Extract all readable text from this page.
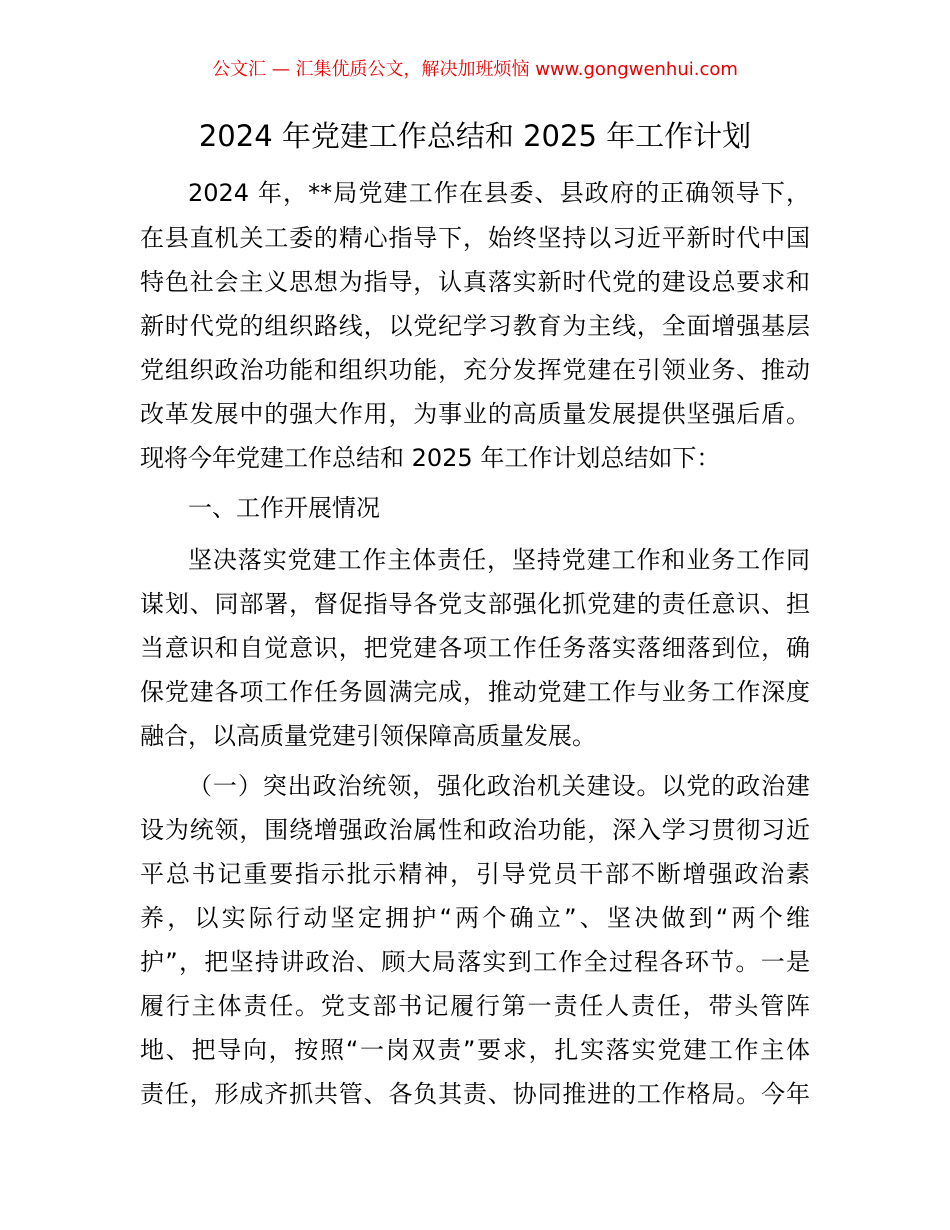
公文汇 — 汇集优质公文，解决加班烦恼 www.gongwenhui.com
2024 年党建工作总结和 2025 年工作计划
2024 年，**局党建工作在县委、县政府的正确领导下，
在县直机关工委的精心指导下，始终坚持以习近平新时代中国
特色社会主义思想为指导，认真落实新时代党的建设总要求和
新时代党的组织路线，以党纪学习教育为主线，全面增强基层
党组织政治功能和组织功能，充分发挥党建在引领业务、推动
改革发展中的强大作用，为事业的高质量发展提供坚强后盾。
现将今年党建工作总结和 2025 年工作计划总结如下：
一、工作开展情况
坚决落实党建工作主体责任，坚持党建工作和业务工作同
谋划、同部署，督促指导各党支部强化抓党建的责任意识、担
当意识和自觉意识，把党建各项工作任务落实落细落到位，确
保党建各项工作任务圆满完成，推动党建工作与业务工作深度
融合，以高质量党建引领保障高质量发展。
（一）突出政治统领，强化政治机关建设。以党的政治建
设为统领，围绕增强政治属性和政治功能，深入学习贯彻习近
平总书记重要指示批示精神，引导党员干部不断增强政治素
养，以实际行动坚定拥护“两个确立”、坚决做到“两个维
护”，把坚持讲政治、顾大局落实到工作全过程各环节。一是
履行主体责任。党支部书记履行第一责任人责任，带头管阵
地、把导向，按照“一岗双责”要求，扎实落实党建工作主体
责任，形成齐抓共管、各负其责、协同推进的工作格局。今年
